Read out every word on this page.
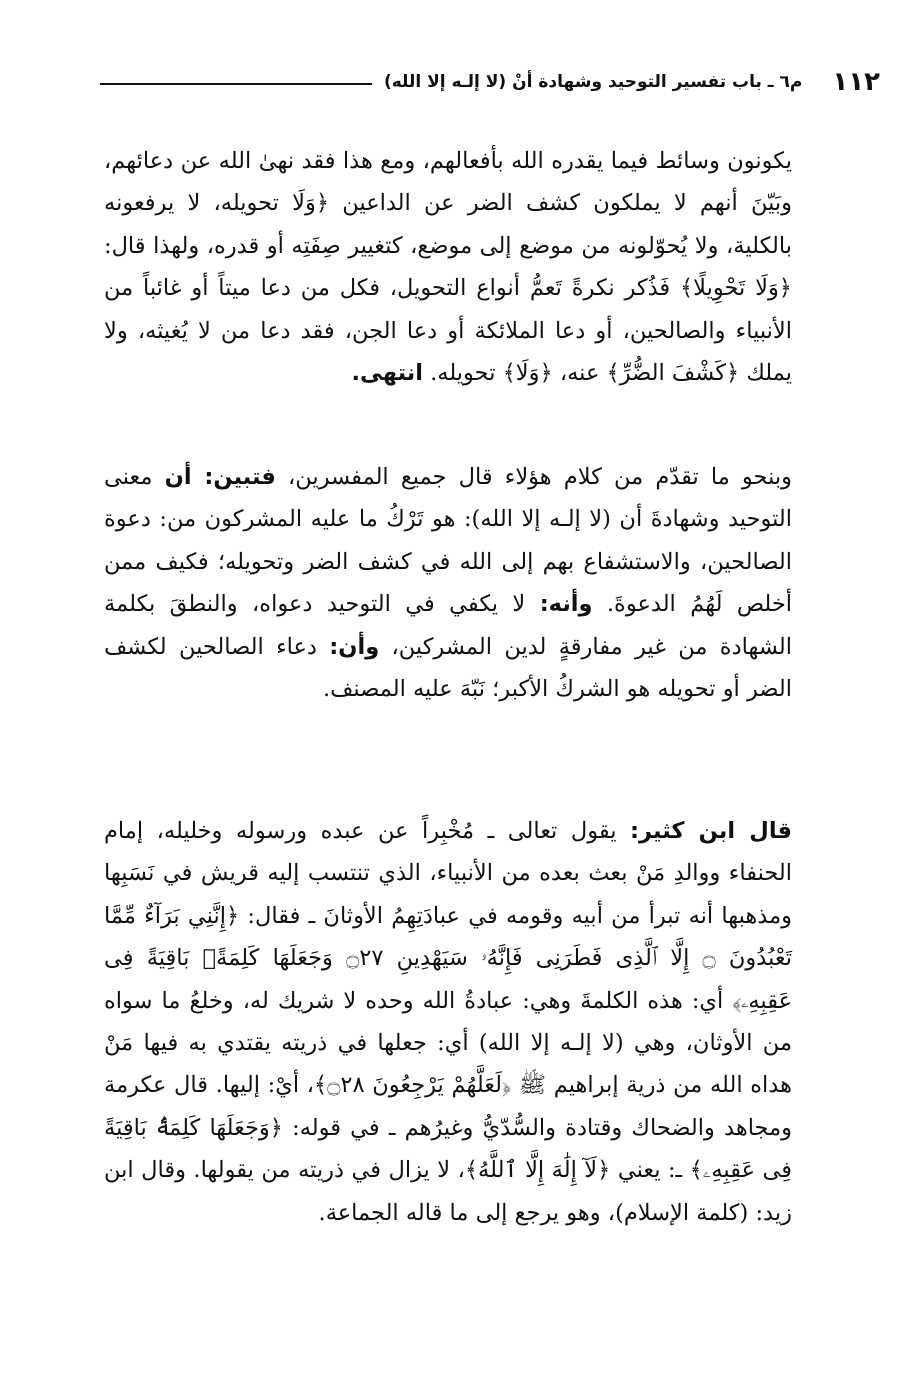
١١٢
م٦ ـ باب تفسير التوحيد وشهادة أنْ (لا إلـه إلا الله)

يكونون وسائط فيما يقدره الله بأفعالهم، ومع هذا فقد نهىٰ الله عن دعائهم، وبَيّنَ أنهم لا يملكون كشف الضر عن الداعين ﴿وَلَا تحويله، لا يرفعونه بالكلية، ولا يُحوّلونه من موضع إلى موضع، كتغيير صِفَتِه أو قدره، ولهذا قال: ﴿وَلَا تَحْوِيلًا﴾ فَذُكر نكرةً تَعمُّ أنواع التحويل، فكل من دعا ميتاً أو غائباً من الأنبياء والصالحين، أو دعا الملائكة أو دعا الجن، فقد دعا من لا يُغيثه، ولا يملك ﴿كَشْفَ الضُّرِّ﴾ عنه، ﴿وَلَا﴾ تحويله. انتهى.

وبنحو ما تقدّم من كلام هؤلاء قال جميع المفسرين، فتبين: أن معنى التوحيد وشهادةَ أن (لا إلـه إلا الله): هو تَرْكُ ما عليه المشركون من: دعوة الصالحين، والاستشفاع بهم إلى الله في كشف الضر وتحويله؛ فكيف ممن أخلص لَهُمُ الدعوةَ. وأنه: لا يكفي في التوحيد دعواه، والنطقَ بكلمة الشهادة من غير مفارقةٍ لدين المشركين، وأن: دعاء الصالحين لكشف الضر أو تحويله هو الشركُ الأكبر؛ نَبّهَ عليه المصنف.

قال ابن كثير: يقول تعالى ـ مُخْبِراً عن عبده ورسوله وخليله، إمام الحنفاء ووالدِ مَنْ بعث بعده من الأنبياء، الذي تنتسب إليه قريش في نَسَبِها ومذهبها أنه تبرأ من أبيه وقومه في عبادَتِهِمُ الأوثانَ ـ فقال: ﴿إِنَّنِي بَرَآءٌ مِّمَّا تَعْبُدُونَ ۝ إِلَّا ٱلَّذِى فَطَرَنِى فَإِنَّهُۥ سَيَهْدِينِ ۝٢٧ وَجَعَلَهَا كَلِمَةًۢ بَاقِيَةً فِى عَقِبِهِۦ﴾ أي: هذه الكلمةَ وهي: عبادةُ الله وحده لا شريك له، وخلعُ ما سواه من الأوثان، وهي (لا إلـه إلا الله) أي: جعلها في ذريته يقتدي به فيها مَنْ هداه الله من ذرية إبراهيم ﷺ ﴿لَعَلَّهُمْ يَرْجِعُونَ ۝٢٨﴾، أيْ: إليها. قال عكرمة ومجاهد والضحاك وقتادة والسُّدّيُّ وغيرُهم ـ في قوله: ﴿وَجَعَلَهَا كَلِمَةًۢ بَاقِيَةً فِى عَقِبِهِۦ﴾ ـ: يعني ﴿لَآ إِلَٰهَ إِلَّا ٱللَّهُ﴾، لا يزال في ذريته من يقولها. وقال ابن زيد: (كلمة الإسلام)، وهو يرجع إلى ما قاله الجماعة.
